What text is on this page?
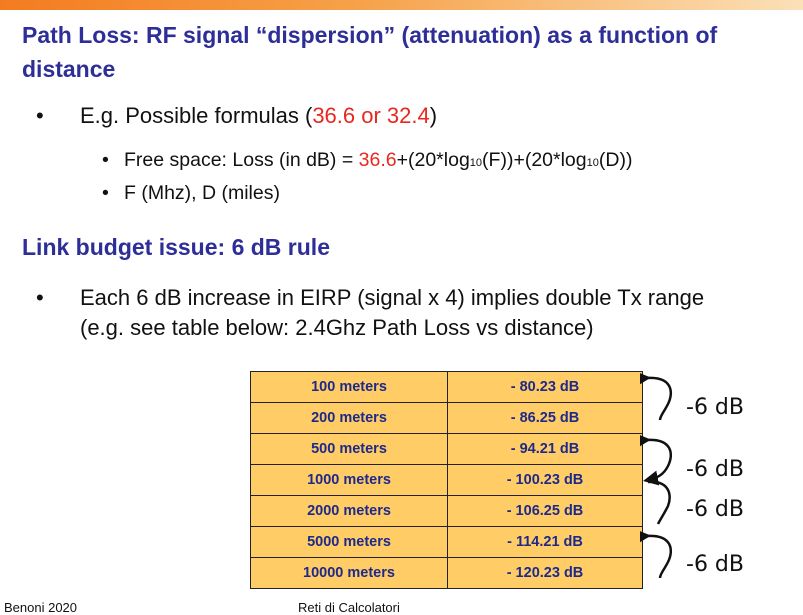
Path Loss: RF signal “dispersion” (attenuation) as a function of distance
• E.g. Possible formulas (36.6 or 32.4)
• Free space: Loss (in dB) = 36.6+(20*log10(F))+(20*log10(D))
• F (Mhz), D (miles)
Link budget issue: 6 dB rule
• Each 6 dB increase in EIRP (signal x 4) implies double Tx range
(e.g. see table below: 2.4Ghz Path Loss vs distance)
100 meters	- 80.23 dB
200 meters	- 86.25 dB
500 meters	- 94.21 dB
1000 meters	- 100.23 dB
2000 meters	- 106.25 dB
5000 meters	- 114.21 dB
10000 meters	- 120.23 dB
-6 dB
-6 dB
-6 dB
-6 dB
Benoni 2020	Reti di Calcolatori
